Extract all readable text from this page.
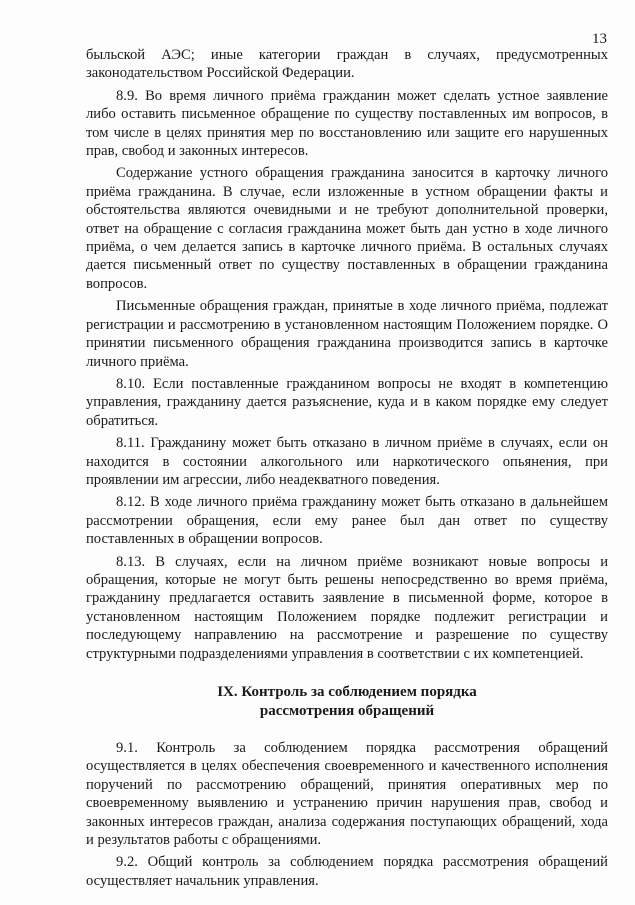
13

быльской АЭС; иные категории граждан в случаях, предусмотренных законодательством Российской Федерации.

8.9. Во время личного приёма гражданин может сделать устное заявление либо оставить письменное обращение по существу поставленных им вопросов, в том числе в целях принятия мер по восстановлению или защите его нарушенных прав, свобод и законных интересов.

Содержание устного обращения гражданина заносится в карточку личного приёма гражданина. В случае, если изложенные в устном обращении факты и обстоятельства являются очевидными и не требуют дополнительной проверки, ответ на обращение с согласия гражданина может быть дан устно в ходе личного приёма, о чем делается запись в карточке личного приёма. В остальных случаях дается письменный ответ по существу поставленных в обращении гражданина вопросов.

Письменные обращения граждан, принятые в ходе личного приёма, подлежат регистрации и рассмотрению в установленном настоящим Положением порядке. О принятии письменного обращения гражданина производится запись в карточке личного приёма.

8.10. Если поставленные гражданином вопросы не входят в компетенцию управления, гражданину дается разъяснение, куда и в каком порядке ему следует обратиться.

8.11. Гражданину может быть отказано в личном приёме в случаях, если он находится в состоянии алкогольного или наркотического опьянения, при проявлении им агрессии, либо неадекватного поведения.

8.12. В ходе личного приёма гражданину может быть отказано в дальнейшем рассмотрении обращения, если ему ранее был дан ответ по существу поставленных в обращении вопросов.

8.13. В случаях, если на личном приёме возникают новые вопросы и обращения, которые не могут быть решены непосредственно во время приёма, гражданину предлагается оставить заявление в письменной форме, которое в установленном настоящим Положением порядке подлежит регистрации и последующему направлению на рассмотрение и разрешение по существу структурными подразделениями управления в соответствии с их компетенцией.

IX. Контроль за соблюдением порядка
рассмотрения обращений

9.1. Контроль за соблюдением порядка рассмотрения обращений осуществляется в целях обеспечения своевременного и качественного исполнения поручений по рассмотрению обращений, принятия оперативных мер по своевременному выявлению и устранению причин нарушения прав, свобод и законных интересов граждан, анализа содержания поступающих обращений, хода и результатов работы с обращениями.

9.2. Общий контроль за соблюдением порядка рассмотрения обращений осуществляет начальник управления.
